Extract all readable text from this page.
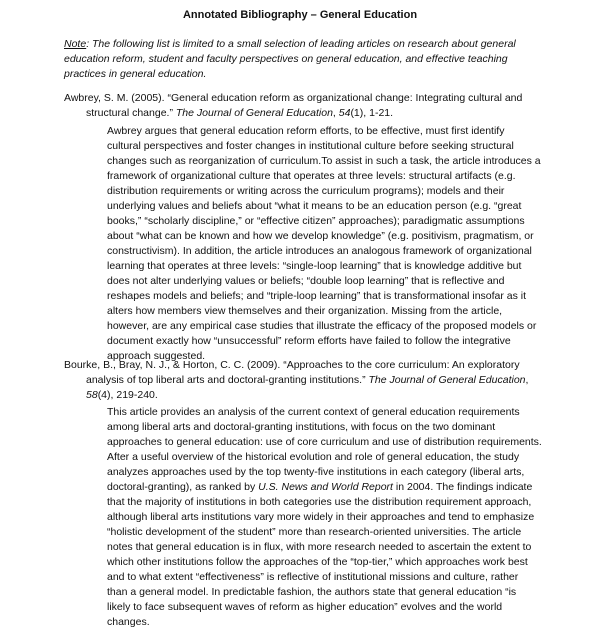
Annotated Bibliography – General Education
Note: The following list is limited to a small selection of leading articles on research about general
education reform, student and faculty perspectives on general education, and effective teaching
practices in general education.
Awbrey, S. M. (2005). “General education reform as organizational change: Integrating cultural and
structural change.” The Journal of General Education, 54(1), 1-21.
Awbrey argues that general education reform efforts, to be effective, must first identify
cultural perspectives and foster changes in institutional culture before seeking structural
changes such as reorganization of curriculum.To assist in such a task, the article introduces a
framework of organizational culture that operates at three levels: structural artifacts (e.g.
distribution requirements or writing across the curriculum programs); models and their
underlying values and beliefs about “what it means to be an education person (e.g. “great
books,” “scholarly discipline,” or “effective citizen” approaches); paradigmatic assumptions
about “what can be known and how we develop knowledge” (e.g. positivism, pragmatism, or
constructivism). In addition, the article introduces an analogous framework of organizational
learning that operates at three levels: “single-loop learning” that is knowledge additive but
does not alter underlying values or beliefs; “double loop learning” that is reflective and
reshapes models and beliefs; and “triple-loop learning” that is transformational insofar as it
alters how members view themselves and their organization. Missing from the article,
however, are any empirical case studies that illustrate the efficacy of the proposed models or
document exactly how “unsuccessful” reform efforts have failed to follow the integrative
approach suggested.
Bourke, B., Bray, N. J., & Horton, C. C. (2009). “Approaches to the core curriculum: An exploratory
analysis of top liberal arts and doctoral-granting institutions.” The Journal of General Education,
58(4), 219-240.
This article provides an analysis of the current context of general education requirements
among liberal arts and doctoral-granting institutions, with focus on the two dominant
approaches to general education: use of core curriculum and use of distribution requirements.
After a useful overview of the historical evolution and role of general education, the study
analyzes approaches used by the top twenty-five institutions in each category (liberal arts,
doctoral-granting), as ranked by U.S. News and World Report in 2004. The findings indicate
that the majority of institutions in both categories use the distribution requirement approach,
although liberal arts institutions vary more widely in their approaches and tend to emphasize
“holistic development of the student” more than research-oriented universities. The article
notes that general education is in flux, with more research needed to ascertain the extent to
which other institutions follow the approaches of the “top-tier,” which approaches work best
and to what extent “effectiveness” is reflective of institutional missions and culture, rather
than a general model. In predictable fashion, the authors state that general education “is
likely to face subsequent waves of reform as higher education” evolves and the world
changes.
